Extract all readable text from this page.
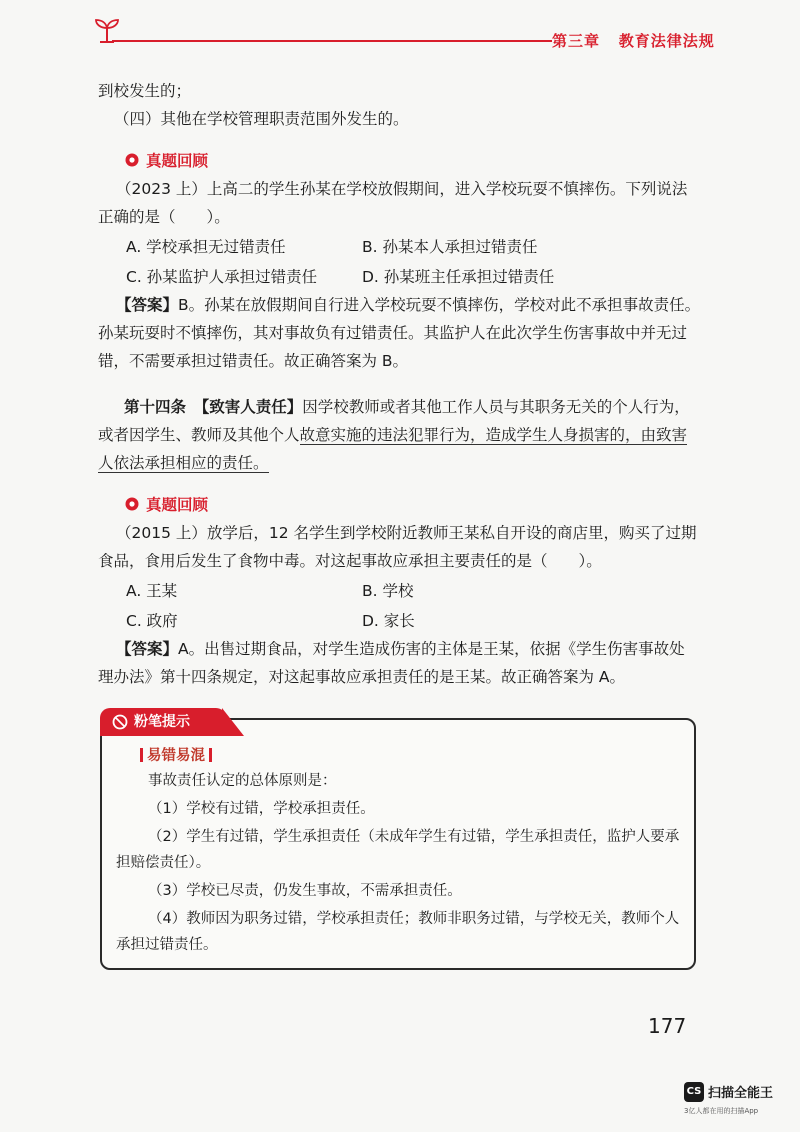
第三章 教育法律法规
到校发生的；
（四）其他在学校管理职责范围外发生的。
真题回顾
（2023 上）上高二的学生孙某在学校放假期间，进入学校玩耍不慎摔伤。下列说法
正确的是（　　）。
A. 学校承担无过错责任	B. 孙某本人承担过错责任
C. 孙某监护人承担过错责任	D. 孙某班主任承担过错责任
【答案】B。孙某在放假期间自行进入学校玩耍不慎摔伤，学校对此不承担事故责任。
孙某玩耍时不慎摔伤，其对事故负有过错责任。其监护人在此次学生伤害事故中并无过
错，不需要承担过错责任。故正确答案为 B。
第十四条　【致害人责任】因学校教师或者其他工作人员与其职务无关的个人行为，
或者因学生、教师及其他个人故意实施的违法犯罪行为，造成学生人身损害的，由致害
人依法承担相应的责任。
真题回顾
（2015 上）放学后，12 名学生到学校附近教师王某私自开设的商店里，购买了过期
食品，食用后发生了食物中毒。对这起事故应承担主要责任的是（　　）。
A. 王某	B. 学校
C. 政府	D. 家长
【答案】A。出售过期食品，对学生造成伤害的主体是王某，依据《学生伤害事故处
理办法》第十四条规定，对这起事故应承担责任的是王某。故正确答案为 A。
粉笔提示
易错易混
事故责任认定的总体原则是：
（1）学校有过错，学校承担责任。
（2）学生有过错，学生承担责任（未成年学生有过错，学生承担责任，监护人要承
担赔偿责任）。
（3）学校已尽责，仍发生事故，不需承担责任。
（4）教师因为职务过错，学校承担责任；教师非职务过错，与学校无关，教师个人
承担过错责任。
177
CS 扫描全能王
3亿人都在用的扫描App
